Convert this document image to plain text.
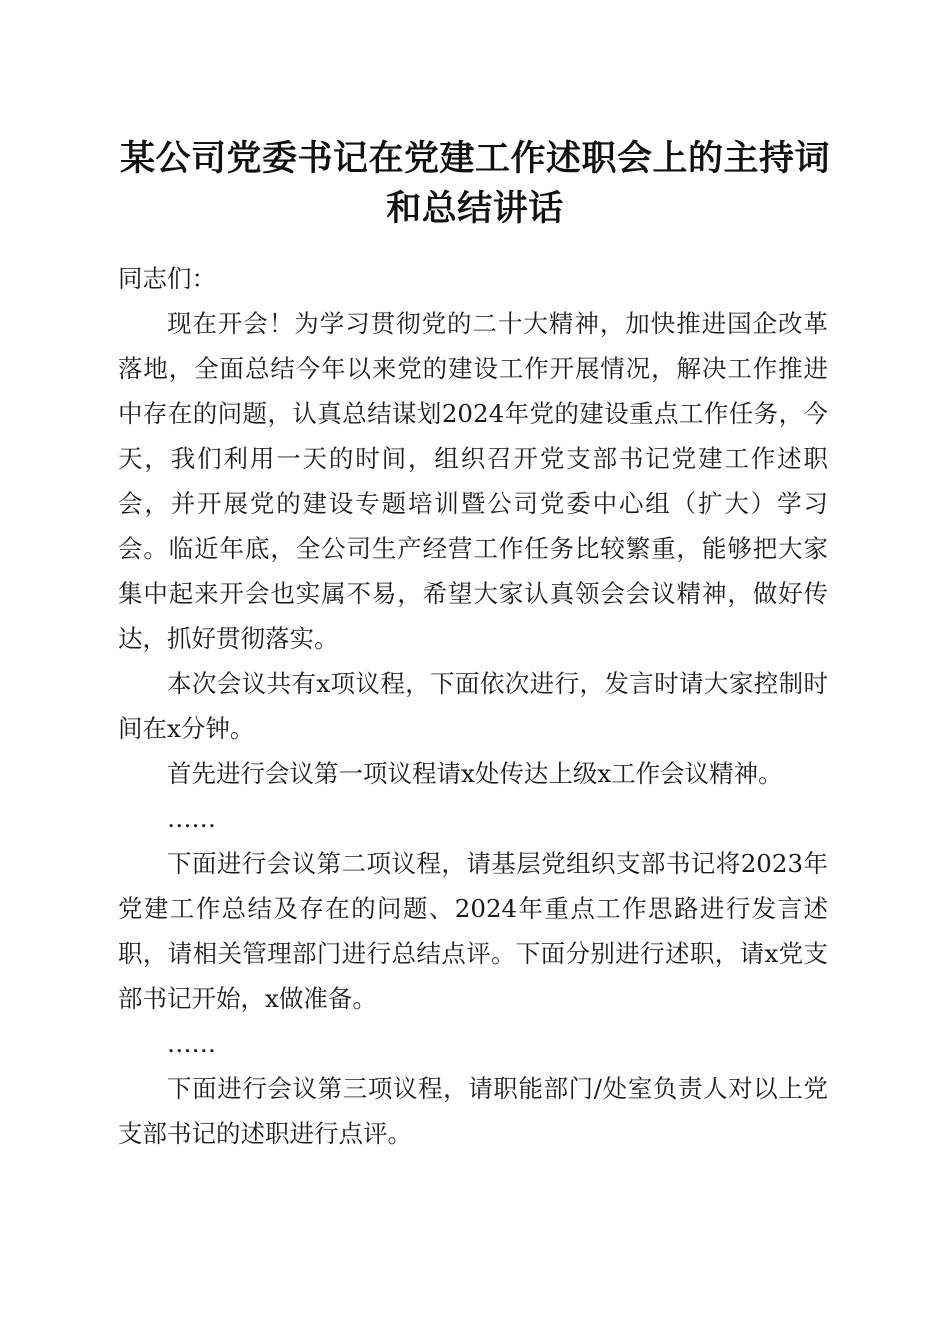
某公司党委书记在党建工作述职会上的主持词
和总结讲话

同志们：

现在开会！为学习贯彻党的二十大精神，加快推进国企改革落地，全面总结今年以来党的建设工作开展情况，解决工作推进中存在的问题，认真总结谋划2024年党的建设重点工作任务，今天，我们利用一天的时间，组织召开党支部书记党建工作述职会，并开展党的建设专题培训暨公司党委中心组（扩大）学习会。临近年底，全公司生产经营工作任务比较繁重，能够把大家集中起来开会也实属不易，希望大家认真领会会议精神，做好传达，抓好贯彻落实。

本次会议共有x项议程，下面依次进行，发言时请大家控制时间在x分钟。

首先进行会议第一项议程请x处传达上级x工作会议精神。

……

下面进行会议第二项议程，请基层党组织支部书记将2023年党建工作总结及存在的问题、2024年重点工作思路进行发言述职，请相关管理部门进行总结点评。下面分别进行述职，请x党支部书记开始，x做准备。

……

下面进行会议第三项议程，请职能部门/处室负责人对以上党支部书记的述职进行点评。
